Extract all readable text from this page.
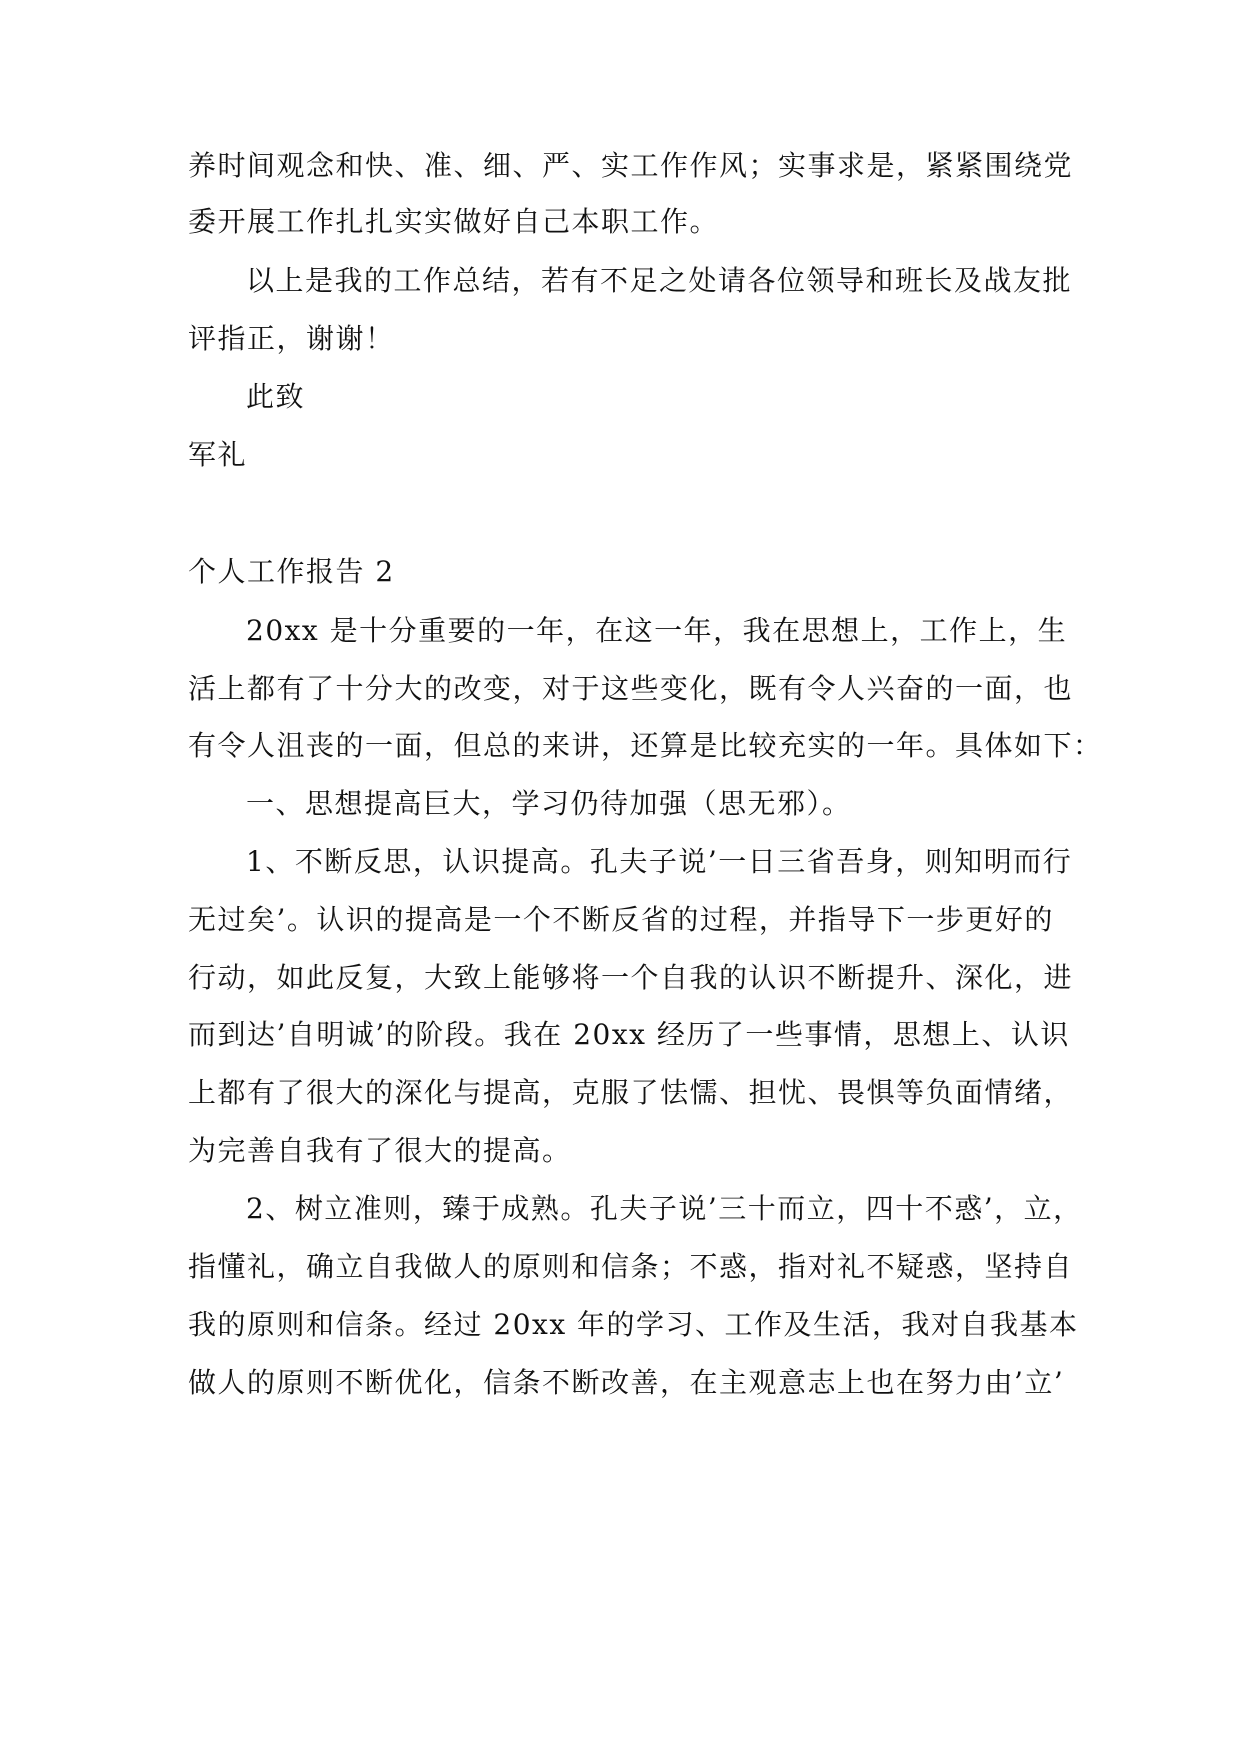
养时间观念和快、准、细、严、实工作作风；实事求是，紧紧围绕党
委开展工作扎扎实实做好自己本职工作。
以上是我的工作总结，若有不足之处请各位领导和班长及战友批
评指正，谢谢！
此致
军礼
个人工作报告 2
20xx 是十分重要的一年，在这一年，我在思想上，工作上，生
活上都有了十分大的改变，对于这些变化，既有令人兴奋的一面，也
有令人沮丧的一面，但总的来讲，还算是比较充实的一年。具体如下：
一、思想提高巨大，学习仍待加强（思无邪）。
1、不断反思，认识提高。孔夫子说’一日三省吾身，则知明而行
无过矣’。认识的提高是一个不断反省的过程，并指导下一步更好的
行动，如此反复，大致上能够将一个自我的认识不断提升、深化，进
而到达’自明诚’的阶段。我在 20xx 经历了一些事情，思想上、认识
上都有了很大的深化与提高，克服了怯懦、担忧、畏惧等负面情绪，
为完善自我有了很大的提高。
2、树立准则，臻于成熟。孔夫子说’三十而立，四十不惑’，立，
指懂礼，确立自我做人的原则和信条；不惑，指对礼不疑惑，坚持自
我的原则和信条。经过 20xx 年的学习、工作及生活，我对自我基本
做人的原则不断优化，信条不断改善，在主观意志上也在努力由’立’
